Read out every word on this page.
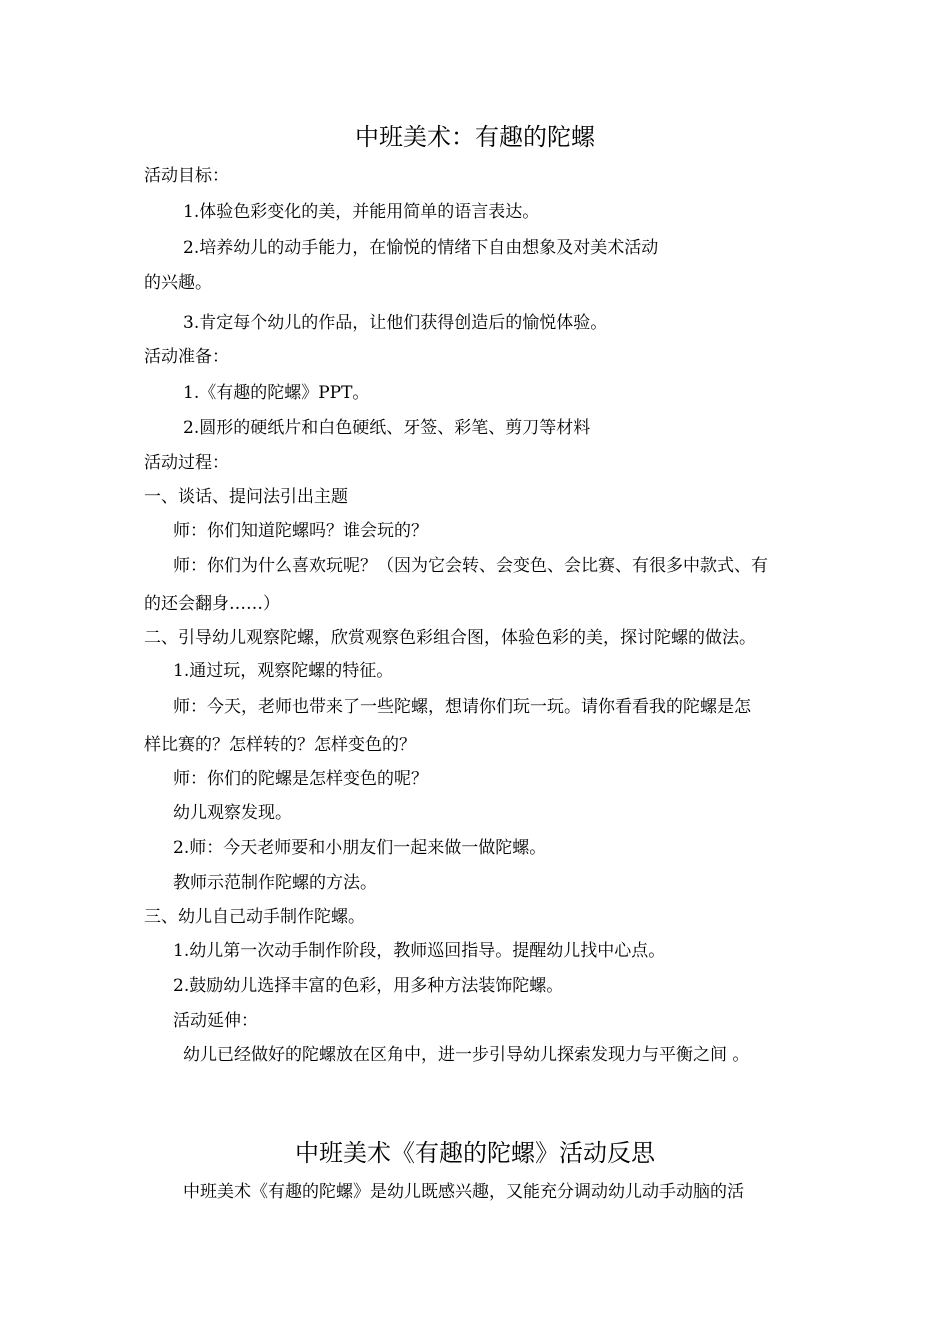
中班美术：有趣的陀螺
活动目标：
1.体验色彩变化的美，并能用简单的语言表达。
2.培养幼儿的动手能力，在愉悦的情绪下自由想象及对美术活动
的兴趣。
3.肯定每个幼儿的作品，让他们获得创造后的愉悦体验。
活动准备：
1.《有趣的陀螺》PPT。
2.圆形的硬纸片和白色硬纸、牙签、彩笔、剪刀等材料
活动过程：
一、谈话、提问法引出主题
师：你们知道陀螺吗？谁会玩的？
师：你们为什么喜欢玩呢？（因为它会转、会变色、会比赛、有很多中款式、有
的还会翻身……）
二、引导幼儿观察陀螺，欣赏观察色彩组合图，体验色彩的美，探讨陀螺的做法。
1.通过玩，观察陀螺的特征。
师：今天，老师也带来了一些陀螺，想请你们玩一玩。请你看看我的陀螺是怎
样比赛的？怎样转的？怎样变色的？
师：你们的陀螺是怎样变色的呢？
幼儿观察发现。
2.师：今天老师要和小朋友们一起来做一做陀螺。
教师示范制作陀螺的方法。
三、幼儿自己动手制作陀螺。
1.幼儿第一次动手制作阶段，教师巡回指导。提醒幼儿找中心点。
2.鼓励幼儿选择丰富的色彩，用多种方法装饰陀螺。
活动延伸：
幼儿已经做好的陀螺放在区角中，进一步引导幼儿探索发现力与平衡之间 。
中班美术《有趣的陀螺》活动反思
中班美术《有趣的陀螺》是幼儿既感兴趣，又能充分调动幼儿动手动脑的活
